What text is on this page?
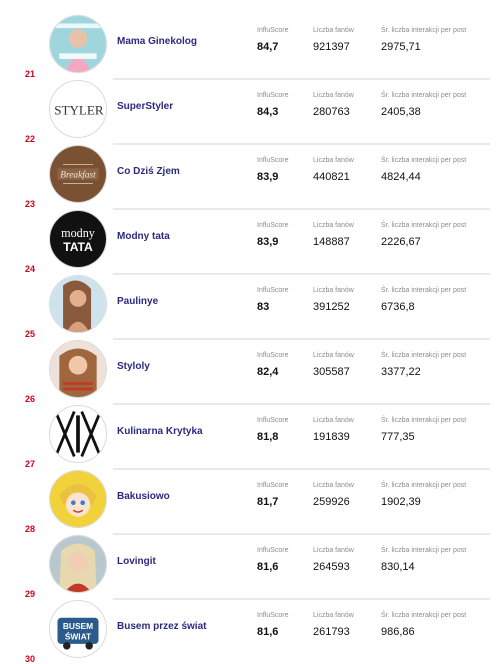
21
Mama Ginekolog
InfluScore	Liczba fanów	Śr. liczba interakcji per post
84,7	921397	2975,71
STYLER
22
SuperStyler
InfluScore	Liczba fanów	Śr. liczba interakcji per post
84,3	280763	2405,38
Breakfast
23
Co Dziś Zjem
InfluScore	Liczba fanów	Śr. liczba interakcji per post
83,9	440821	4824,44
modny
TATA
24
Modny tata
InfluScore	Liczba fanów	Śr. liczba interakcji per post
83,9	148887	2226,67
25
Paulinye
InfluScore	Liczba fanów	Śr. liczba interakcji per post
83	391252	6736,8
26
Styloly
InfluScore	Liczba fanów	Śr. liczba interakcji per post
82,4	305587	3377,22
27
Kulinarna Krytyka
InfluScore	Liczba fanów	Śr. liczba interakcji per post
81,8	191839	777,35
28
Bakusiowo
InfluScore	Liczba fanów	Śr. liczba interakcji per post
81,7	259926	1902,39
29
Lovingit
InfluScore	Liczba fanów	Śr. liczba interakcji per post
81,6	264593	830,14
BUSEM
ŚWIAT
30
Busem przez świat
InfluScore	Liczba fanów	Śr. liczba interakcji per post
81,6	261793	986,86
